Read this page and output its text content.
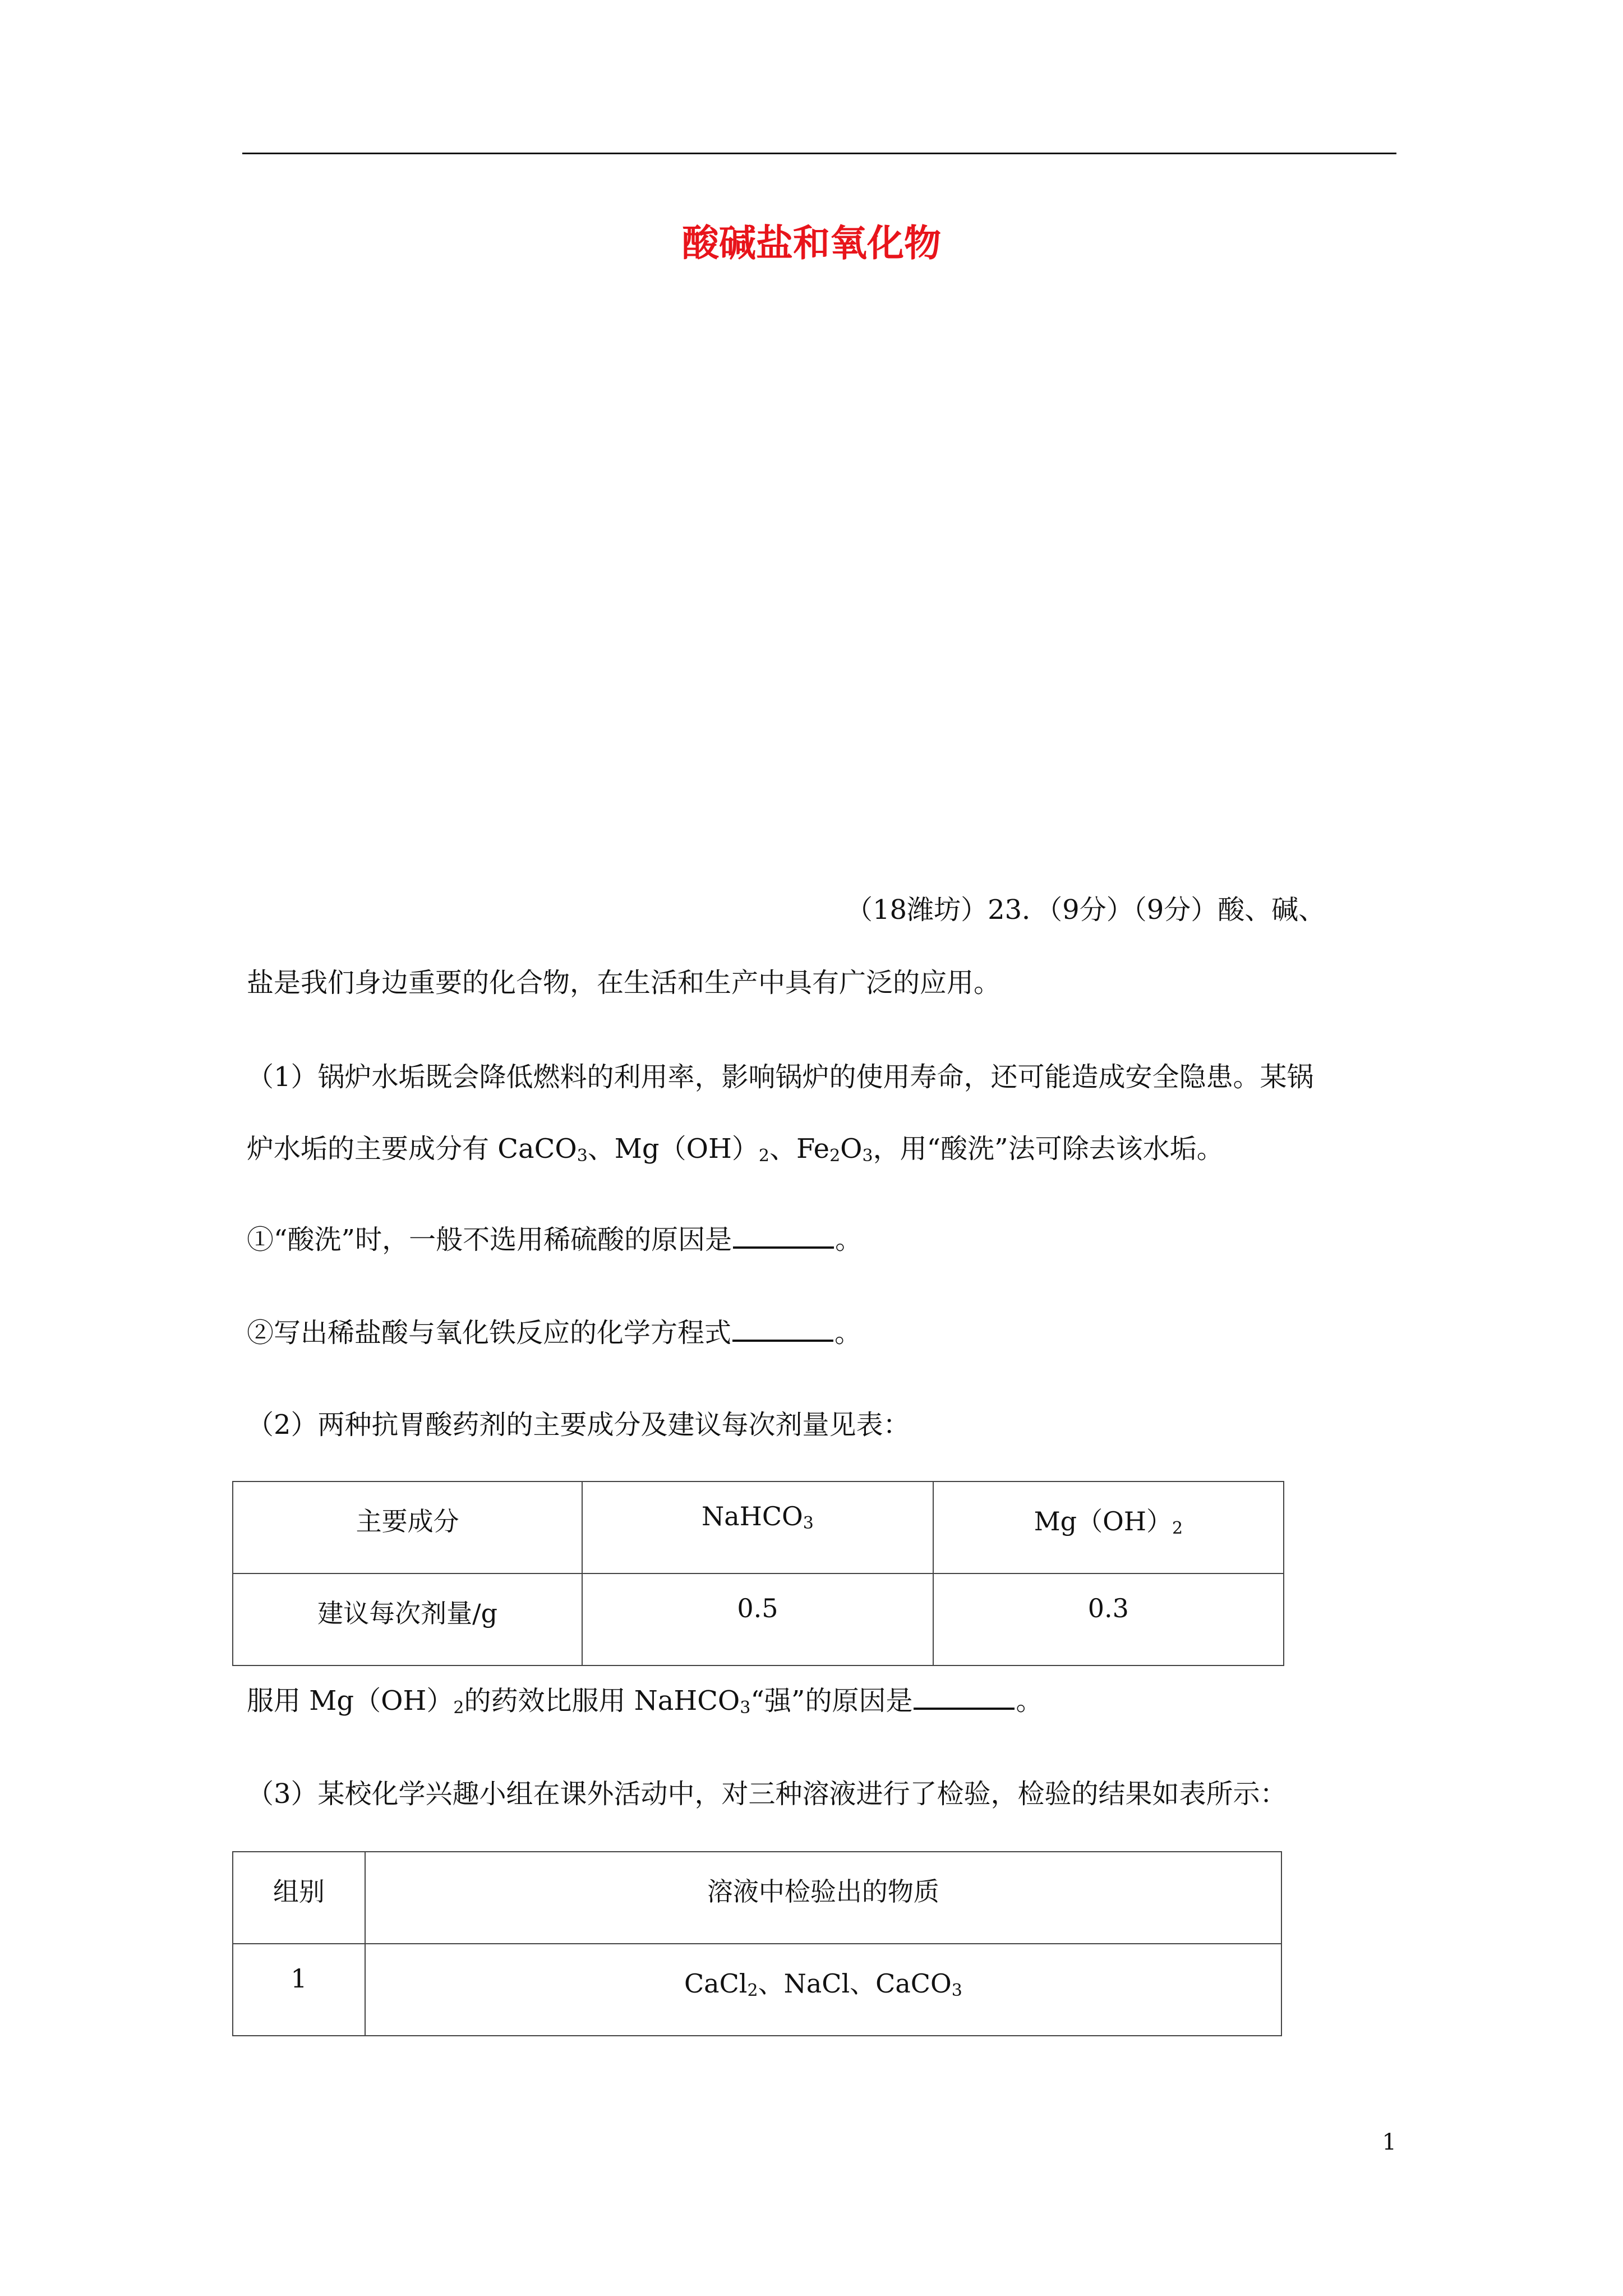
酸碱盐和氧化物
（18潍坊）23．（9分）（9分）酸、碱、
盐是我们身边重要的化合物，在生活和生产中具有广泛的应用。
（1）锅炉水垢既会降低燃料的利用率，影响锅炉的使用寿命，还可能造成安全隐患。某锅
炉水垢的主要成分有 CaCO$_3$、$Mg(OH)_2$、$Fe_2O_3$，用“酸洗”法可除去该水垢。
①“酸洗”时，一般不选用稀硫酸的原因是	。
②写出稀盐酸与氧化铁反应的化学方程式	。
（2）两种抗胃酸药剂的主要成分及建议每次剂量见表：
主要成分	NaHCO$_3$	$Mg(OH)_2$
建议每次剂量/g	0.5	0.3
服用 $Mg(OH)_2$的药效比服用 NaHCO$_3$“强”的原因是	。
（3）某校化学兴趣小组在课外活动中，对三种溶液进行了检验，检验的结果如表所示：
组别	溶液中检验出的物质
1	CaCl$_2$、NaCl、CaCO$_3$
1
